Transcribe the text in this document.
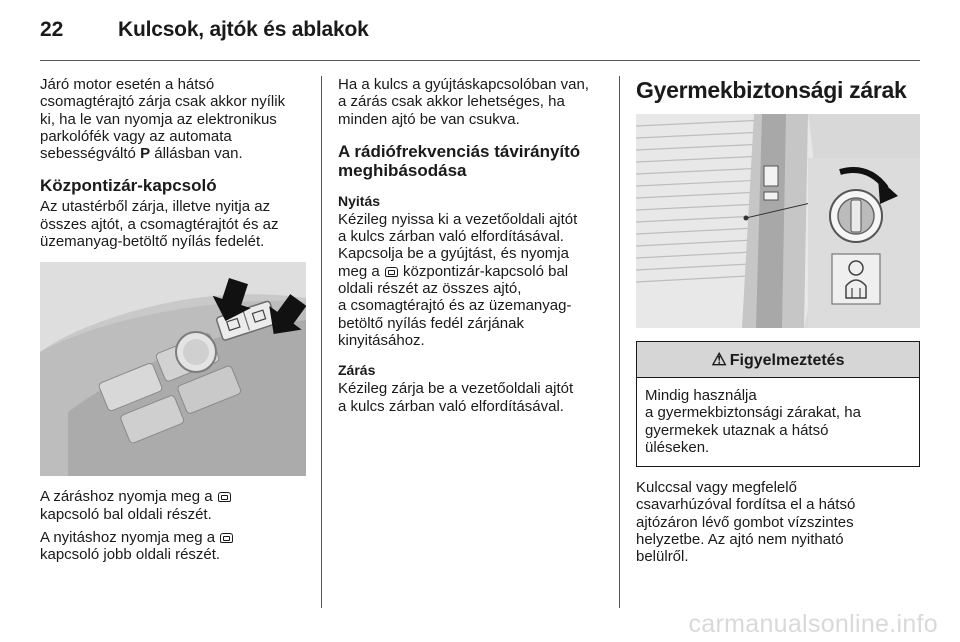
22	Kulcsok, ajtók és ablakok

Járó motor esetén a hátsó
csomagtérajtó zárja csak akkor nyílik
ki, ha le van nyomja az elektronikus
parkolófék vagy az automata
sebességváltó P állásban van.

Központizár-kapcsoló

Az utastérből zárja, illetve nyitja az
összes ajtót, a csomagtérajtót és az
üzemanyag-betöltő nyílás fedelét.

A záráshoz nyomja meg a
kapcsoló bal oldali részét.

A nyitáshoz nyomja meg a
kapcsoló jobb oldali részét.

Ha a kulcs a gyújtáskapcsolóban van,
a zárás csak akkor lehetséges, ha
minden ajtó be van csukva.

A rádiófrekvenciás távirányító
meghibásodása
Nyitás

Kézileg nyissa ki a vezetőoldali ajtót
a kulcs zárban való elfordításával.
Kapcsolja be a gyújtást, és nyomja
meg a  központizár-kapcsoló bal
oldali részét az összes ajtó,
a csomagtérajtó és az üzemanyag-
betöltő nyílás fedél zárjának
kinyitásához.

Zárás

Kézileg zárja be a vezetőoldali ajtót
a kulcs zárban való elfordításával.

Gyermekbiztonsági zárak
⚠ Figyelmeztetés
Mindig használja
a gyermekbiztonsági zárakat, ha
gyermekek utaznak a hátsó
üléseken.

Kulccsal vagy megfelelő
csavarhúzóval fordítsa el a hátsó
ajtózáron lévő gombot vízszintes
helyzetbe. Az ajtó nem nyitható
belülről.

carmanualsonline.info
